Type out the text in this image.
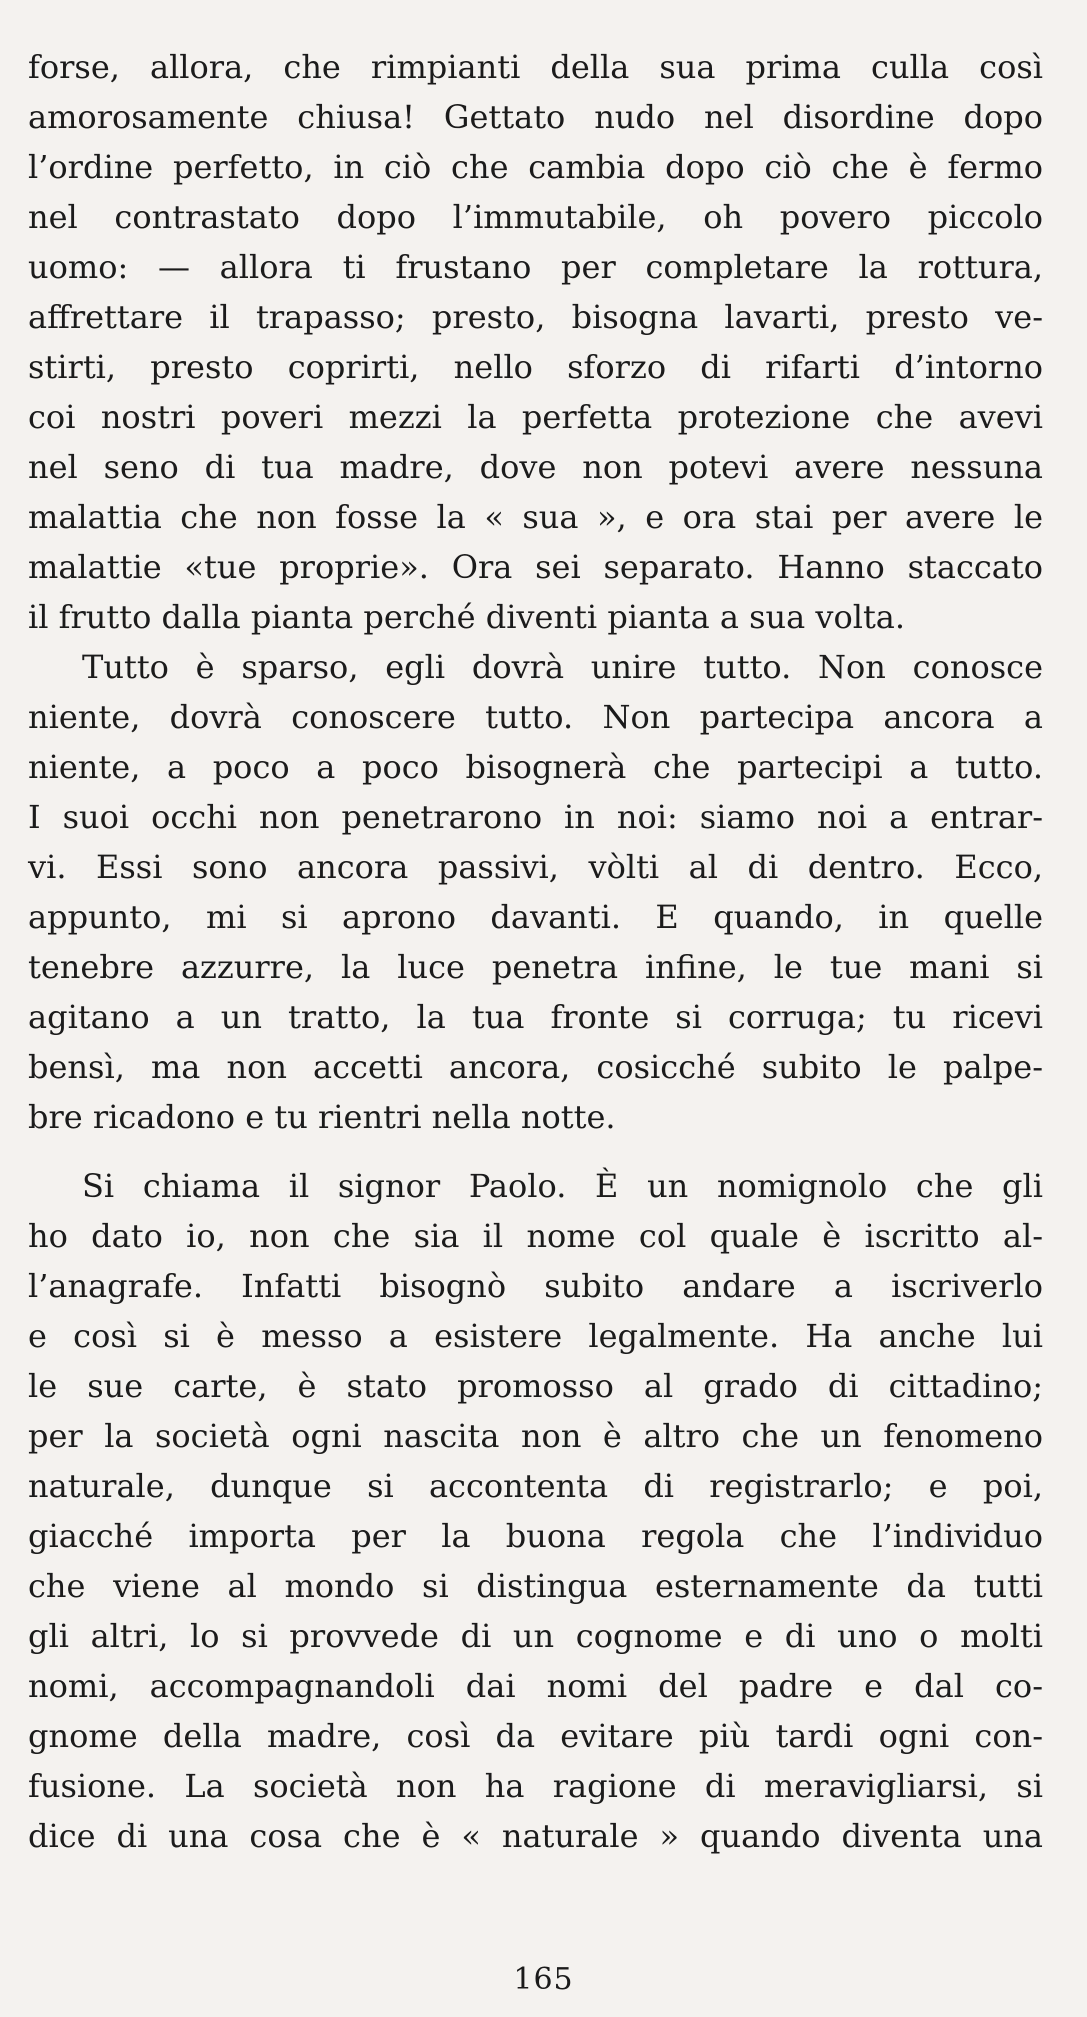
forse, allora, che rimpianti della sua prima culla così
amorosamente chiusa! Gettato nudo nel disordine dopo
l’ordine perfetto, in ciò che cambia dopo ciò che è fermo
nel contrastato dopo l’immutabile, oh povero piccolo
uomo: — allora ti frustano per completare la rottura,
affrettare il trapasso; presto, bisogna lavarti, presto ve-
stirti, presto coprirti, nello sforzo di rifarti d’intorno
coi nostri poveri mezzi la perfetta protezione che avevi
nel seno di tua madre, dove non potevi avere nessuna
malattia che non fosse la « sua », e ora stai per avere le
malattie «tue proprie». Ora sei separato. Hanno staccato
il frutto dalla pianta perché diventi pianta a sua volta.
Tutto è sparso, egli dovrà unire tutto. Non conosce
niente, dovrà conoscere tutto. Non partecipa ancora a
niente, a poco a poco bisognerà che partecipi a tutto.
I suoi occhi non penetrarono in noi: siamo noi a entrar-
vi. Essi sono ancora passivi, vòlti al di dentro. Ecco,
appunto, mi si aprono davanti. E quando, in quelle
tenebre azzurre, la luce penetra infine, le tue mani si
agitano a un tratto, la tua fronte si corruga; tu ricevi
bensì, ma non accetti ancora, cosicché subito le palpe-
bre ricadono e tu rientri nella notte.
Si chiama il signor Paolo. È un nomignolo che gli
ho dato io, non che sia il nome col quale è iscritto al-
l’anagrafe. Infatti bisognò subito andare a iscriverlo
e così si è messo a esistere legalmente. Ha anche lui
le sue carte, è stato promosso al grado di cittadino;
per la società ogni nascita non è altro che un fenomeno
naturale, dunque si accontenta di registrarlo; e poi,
giacché importa per la buona regola che l’individuo
che viene al mondo si distingua esternamente da tutti
gli altri, lo si provvede di un cognome e di uno o molti
nomi, accompagnandoli dai nomi del padre e dal co-
gnome della madre, così da evitare più tardi ogni con-
fusione. La società non ha ragione di meravigliarsi, si
dice di una cosa che è « naturale » quando diventa una
165
